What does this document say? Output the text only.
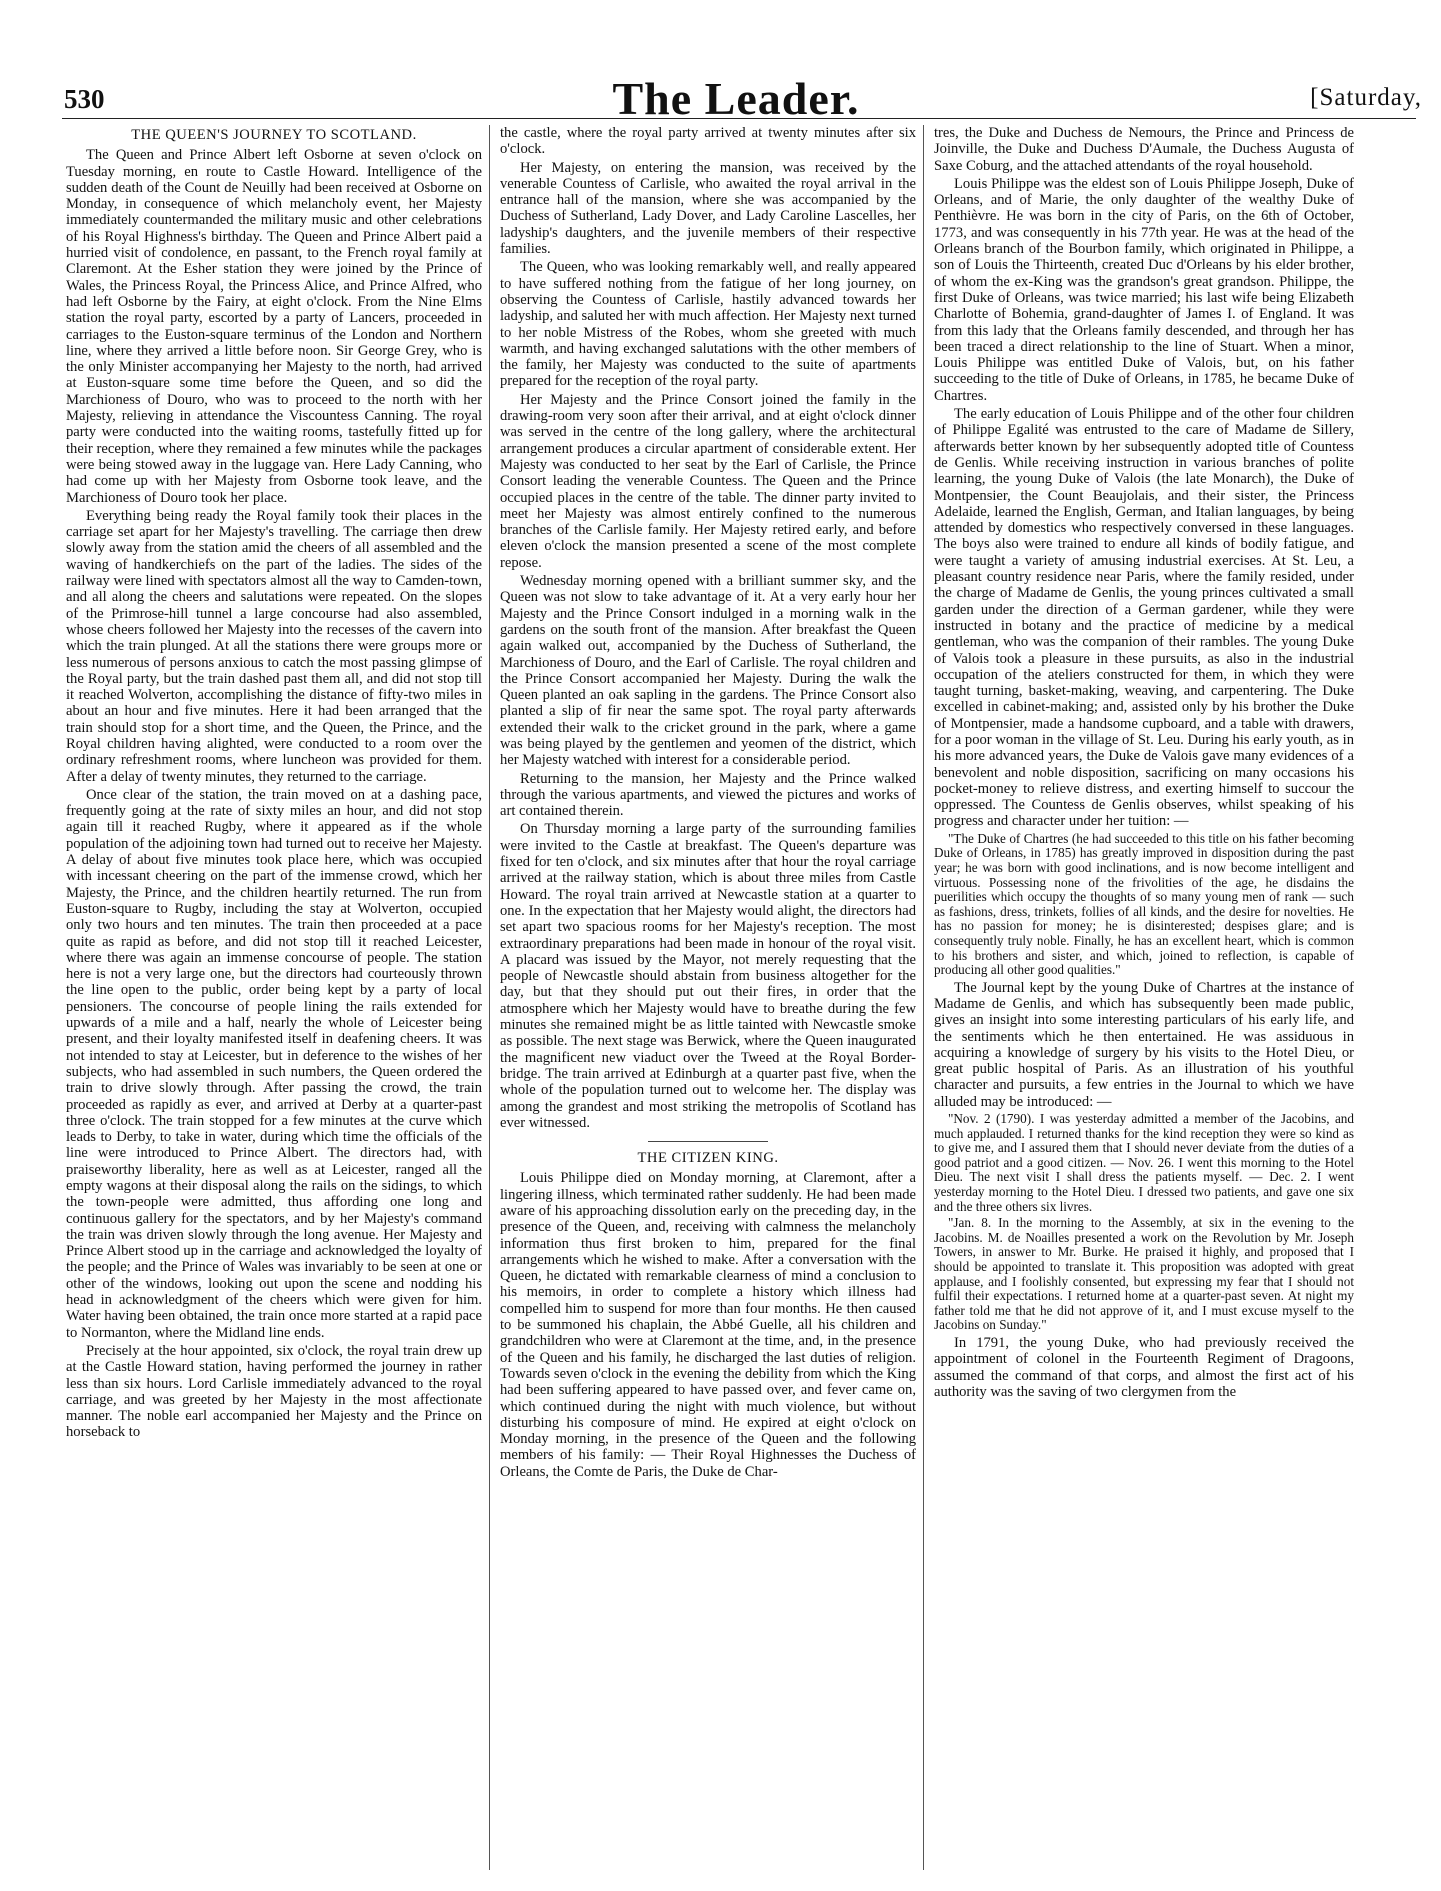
530	The Leader.	[Saturday,
THE QUEEN'S JOURNEY TO SCOTLAND.

The Queen and Prince Albert left Osborne at seven o'clock on Tuesday morning, en route to Castle Howard. Intelligence of the sudden death of the Count de Neuilly had been received at Osborne on Monday, in consequence of which melancholy event, her Majesty immediately countermanded the military music and other celebrations of his Royal Highness's birthday. The Queen and Prince Albert paid a hurried visit of condolence, en passant, to the French royal family at Claremont. At the Esher station they were joined by the Prince of Wales, the Princess Royal, the Princess Alice, and Prince Alfred, who had left Osborne by the Fairy, at eight o'clock. From the Nine Elms station the royal party, escorted by a party of Lancers, proceeded in carriages to the Euston-square terminus of the London and Northern line, where they arrived a little before noon. Sir George Grey, who is the only Minister accompanying her Majesty to the north, had arrived at Euston-square some time before the Queen, and so did the Marchioness of Douro, who was to proceed to the north with her Majesty, relieving in attendance the Viscountess Canning. The royal party were conducted into the waiting rooms, tastefully fitted up for their reception, where they remained a few minutes while the packages were being stowed away in the luggage van. Here Lady Canning, who had come up with her Majesty from Osborne took leave, and the Marchioness of Douro took her place.

Everything being ready the Royal family took their places in the carriage set apart for her Majesty's travelling. The carriage then drew slowly away from the station amid the cheers of all assembled and the waving of handkerchiefs on the part of the ladies. The sides of the railway were lined with spectators almost all the way to Camden-town, and all along the cheers and salutations were repeated. On the slopes of the Primrose-hill tunnel a large concourse had also assembled, whose cheers followed her Majesty into the recesses of the cavern into which the train plunged. At all the stations there were groups more or less numerous of persons anxious to catch the most passing glimpse of the Royal party, but the train dashed past them all, and did not stop till it reached Wolverton, accomplishing the distance of fifty-two miles in about an hour and five minutes. Here it had been arranged that the train should stop for a short time, and the Queen, the Prince, and the Royal children having alighted, were conducted to a room over the ordinary refreshment rooms, where luncheon was provided for them. After a delay of twenty minutes, they returned to the carriage.

Once clear of the station, the train moved on at a dashing pace, frequently going at the rate of sixty miles an hour, and did not stop again till it reached Rugby, where it appeared as if the whole population of the adjoining town had turned out to receive her Majesty. A delay of about five minutes took place here, which was occupied with incessant cheering on the part of the immense crowd, which her Majesty, the Prince, and the children heartily returned. The run from Euston-square to Rugby, including the stay at Wolverton, occupied only two hours and ten minutes. The train then proceeded at a pace quite as rapid as before, and did not stop till it reached Leicester, where there was again an immense concourse of people. The station here is not a very large one, but the directors had courteously thrown the line open to the public, order being kept by a party of local pensioners. The concourse of people lining the rails extended for upwards of a mile and a half, nearly the whole of Leicester being present, and their loyalty manifested itself in deafening cheers. It was not intended to stay at Leicester, but in deference to the wishes of her subjects, who had assembled in such numbers, the Queen ordered the train to drive slowly through. After passing the crowd, the train proceeded as rapidly as ever, and arrived at Derby at a quarter-past three o'clock. The train stopped for a few minutes at the curve which leads to Derby, to take in water, during which time the officials of the line were introduced to Prince Albert. The directors had, with praiseworthy liberality, here as well as at Leicester, ranged all the empty wagons at their disposal along the rails on the sidings, to which the town-people were admitted, thus affording one long and continuous gallery for the spectators, and by her Majesty's command the train was driven slowly through the long avenue. Her Majesty and Prince Albert stood up in the carriage and acknowledged the loyalty of the people; and the Prince of Wales was invariably to be seen at one or other of the windows, looking out upon the scene and nodding his head in acknowledgment of the cheers which were given for him. Water having been obtained, the train once more started at a rapid pace to Normanton, where the Midland line ends.

Precisely at the hour appointed, six o'clock, the royal train drew up at the Castle Howard station, having performed the journey in rather less than six hours. Lord Carlisle immediately advanced to the royal carriage, and was greeted by her Majesty in the most affectionate manner. The noble earl accompanied her Majesty and the Prince on horseback to

the castle, where the royal party arrived at twenty minutes after six o'clock.

Her Majesty, on entering the mansion, was received by the venerable Countess of Carlisle, who awaited the royal arrival in the entrance hall of the mansion, where she was accompanied by the Duchess of Sutherland, Lady Dover, and Lady Caroline Lascelles, her ladyship's daughters, and the juvenile members of their respective families.

The Queen, who was looking remarkably well, and really appeared to have suffered nothing from the fatigue of her long journey, on observing the Countess of Carlisle, hastily advanced towards her ladyship, and saluted her with much affection. Her Majesty next turned to her noble Mistress of the Robes, whom she greeted with much warmth, and having exchanged salutations with the other members of the family, her Majesty was conducted to the suite of apartments prepared for the reception of the royal party.

Her Majesty and the Prince Consort joined the family in the drawing-room very soon after their arrival, and at eight o'clock dinner was served in the centre of the long gallery, where the architectural arrangement produces a circular apartment of considerable extent. Her Majesty was conducted to her seat by the Earl of Carlisle, the Prince Consort leading the venerable Countess. The Queen and the Prince occupied places in the centre of the table. The dinner party invited to meet her Majesty was almost entirely confined to the numerous branches of the Carlisle family. Her Majesty retired early, and before eleven o'clock the mansion presented a scene of the most complete repose.

Wednesday morning opened with a brilliant summer sky, and the Queen was not slow to take advantage of it. At a very early hour her Majesty and the Prince Consort indulged in a morning walk in the gardens on the south front of the mansion. After breakfast the Queen again walked out, accompanied by the Duchess of Sutherland, the Marchioness of Douro, and the Earl of Carlisle. The royal children and the Prince Consort accompanied her Majesty. During the walk the Queen planted an oak sapling in the gardens. The Prince Consort also planted a slip of fir near the same spot. The royal party afterwards extended their walk to the cricket ground in the park, where a game was being played by the gentlemen and yeomen of the district, which her Majesty watched with interest for a considerable period.

Returning to the mansion, her Majesty and the Prince walked through the various apartments, and viewed the pictures and works of art contained therein.

On Thursday morning a large party of the surrounding families were invited to the Castle at breakfast. The Queen's departure was fixed for ten o'clock, and six minutes after that hour the royal carriage arrived at the railway station, which is about three miles from Castle Howard. The royal train arrived at Newcastle station at a quarter to one. In the expectation that her Majesty would alight, the directors had set apart two spacious rooms for her Majesty's reception. The most extraordinary preparations had been made in honour of the royal visit. A placard was issued by the Mayor, not merely requesting that the people of Newcastle should abstain from business altogether for the day, but that they should put out their fires, in order that the atmosphere which her Majesty would have to breathe during the few minutes she remained might be as little tainted with Newcastle smoke as possible. The next stage was Berwick, where the Queen inaugurated the magnificent new viaduct over the Tweed at the Royal Border-bridge. The train arrived at Edinburgh at a quarter past five, when the whole of the population turned out to welcome her. The display was among the grandest and most striking the metropolis of Scotland has ever witnessed.

THE CITIZEN KING.

Louis Philippe died on Monday morning, at Claremont, after a lingering illness, which terminated rather suddenly. He had been made aware of his approaching dissolution early on the preceding day, in the presence of the Queen, and, receiving with calmness the melancholy information thus first broken to him, prepared for the final arrangements which he wished to make. After a conversation with the Queen, he dictated with remarkable clearness of mind a conclusion to his memoirs, in order to complete a history which illness had compelled him to suspend for more than four months. He then caused to be summoned his chaplain, the Abbé Guelle, all his children and grandchildren who were at Claremont at the time, and, in the presence of the Queen and his family, he discharged the last duties of religion. Towards seven o'clock in the evening the debility from which the King had been suffering appeared to have passed over, and fever came on, which continued during the night with much violence, but without disturbing his composure of mind. He expired at eight o'clock on Monday morning, in the presence of the Queen and the following members of his family: — Their Royal Highnesses the Duchess of Orleans, the Comte de Paris, the Duke de Char-

tres, the Duke and Duchess de Nemours, the Prince and Princess de Joinville, the Duke and Duchess D'Aumale, the Duchess Augusta of Saxe Coburg, and the attached attendants of the royal household.

Louis Philippe was the eldest son of Louis Philippe Joseph, Duke of Orleans, and of Marie, the only daughter of the wealthy Duke of Penthièvre. He was born in the city of Paris, on the 6th of October, 1773, and was consequently in his 77th year. He was at the head of the Orleans branch of the Bourbon family, which originated in Philippe, a son of Louis the Thirteenth, created Duc d'Orleans by his elder brother, of whom the ex-King was the grandson's great grandson. Philippe, the first Duke of Orleans, was twice married; his last wife being Elizabeth Charlotte of Bohemia, grand-daughter of James I. of England. It was from this lady that the Orleans family descended, and through her has been traced a direct relationship to the line of Stuart. When a minor, Louis Philippe was entitled Duke of Valois, but, on his father succeeding to the title of Duke of Orleans, in 1785, he became Duke of Chartres.

The early education of Louis Philippe and of the other four children of Philippe Egalité was entrusted to the care of Madame de Sillery, afterwards better known by her subsequently adopted title of Countess de Genlis. While receiving instruction in various branches of polite learning, the young Duke of Valois (the late Monarch), the Duke of Montpensier, the Count Beaujolais, and their sister, the Princess Adelaide, learned the English, German, and Italian languages, by being attended by domestics who respectively conversed in these languages. The boys also were trained to endure all kinds of bodily fatigue, and were taught a variety of amusing industrial exercises. At St. Leu, a pleasant country residence near Paris, where the family resided, under the charge of Madame de Genlis, the young princes cultivated a small garden under the direction of a German gardener, while they were instructed in botany and the practice of medicine by a medical gentleman, who was the companion of their rambles. The young Duke of Valois took a pleasure in these pursuits, as also in the industrial occupation of the ateliers constructed for them, in which they were taught turning, basket-making, weaving, and carpentering. The Duke excelled in cabinet-making; and, assisted only by his brother the Duke of Montpensier, made a handsome cupboard, and a table with drawers, for a poor woman in the village of St. Leu. During his early youth, as in his more advanced years, the Duke de Valois gave many evidences of a benevolent and noble disposition, sacrificing on many occasions his pocket-money to relieve distress, and exerting himself to succour the oppressed. The Countess de Genlis observes, whilst speaking of his progress and character under her tuition: —

"The Duke of Chartres (he had succeeded to this title on his father becoming Duke of Orleans, in 1785) has greatly improved in disposition during the past year; he was born with good inclinations, and is now become intelligent and virtuous. Possessing none of the frivolities of the age, he disdains the puerilities which occupy the thoughts of so many young men of rank — such as fashions, dress, trinkets, follies of all kinds, and the desire for novelties. He has no passion for money; he is disinterested; despises glare; and is consequently truly noble. Finally, he has an excellent heart, which is common to his brothers and sister, and which, joined to reflection, is capable of producing all other good qualities."

The Journal kept by the young Duke of Chartres at the instance of Madame de Genlis, and which has subsequently been made public, gives an insight into some interesting particulars of his early life, and the sentiments which he then entertained. He was assiduous in acquiring a knowledge of surgery by his visits to the Hotel Dieu, or great public hospital of Paris. As an illustration of his youthful character and pursuits, a few entries in the Journal to which we have alluded may be introduced: —

"Nov. 2 (1790). I was yesterday admitted a member of the Jacobins, and much applauded. I returned thanks for the kind reception they were so kind as to give me, and I assured them that I should never deviate from the duties of a good patriot and a good citizen. — Nov. 26. I went this morning to the Hotel Dieu. The next visit I shall dress the patients myself. — Dec. 2. I went yesterday morning to the Hotel Dieu. I dressed two patients, and gave one six and the three others six livres.

"Jan. 8. In the morning to the Assembly, at six in the evening to the Jacobins. M. de Noailles presented a work on the Revolution by Mr. Joseph Towers, in answer to Mr. Burke. He praised it highly, and proposed that I should be appointed to translate it. This proposition was adopted with great applause, and I foolishly consented, but expressing my fear that I should not fulfil their expectations. I returned home at a quarter-past seven. At night my father told me that he did not approve of it, and I must excuse myself to the Jacobins on Sunday."

In 1791, the young Duke, who had previously received the appointment of colonel in the Fourteenth Regiment of Dragoons, assumed the command of that corps, and almost the first act of his authority was the saving of two clergymen from the
